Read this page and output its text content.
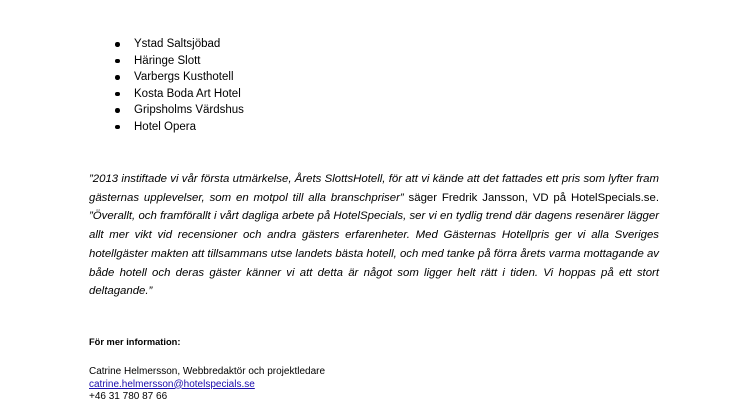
Ystad Saltsjöbad
Häringe Slott
Varbergs Kusthotell
Kosta Boda Art Hotel
Gripsholms Värdshus
Hotel Opera

”2013 instiftade vi vår första utmärkelse, Årets SlottsHotell, för att vi kände att det fattades ett pris som lyfter fram gästernas upplevelser, som en motpol till alla branschpriser” säger Fredrik Jansson, VD på HotelSpecials.se. ”Överallt, och framförallt i vårt dagliga arbete på HotelSpecials, ser vi en tydlig trend där dagens resenärer lägger allt mer vikt vid recensioner och andra gästers erfarenheter. Med Gästernas Hotellpris ger vi alla Sveriges hotellgäster makten att tillsammans utse landets bästa hotell, och med tanke på förra årets varma mottagande av både hotell och deras gäster känner vi att detta är något som ligger helt rätt i tiden. Vi hoppas på ett stort deltagande.”

För mer information:
Catrine Helmersson, Webbredaktör och projektledare
catrine.helmersson@hotelspecials.se
+46 31 780 87 66
